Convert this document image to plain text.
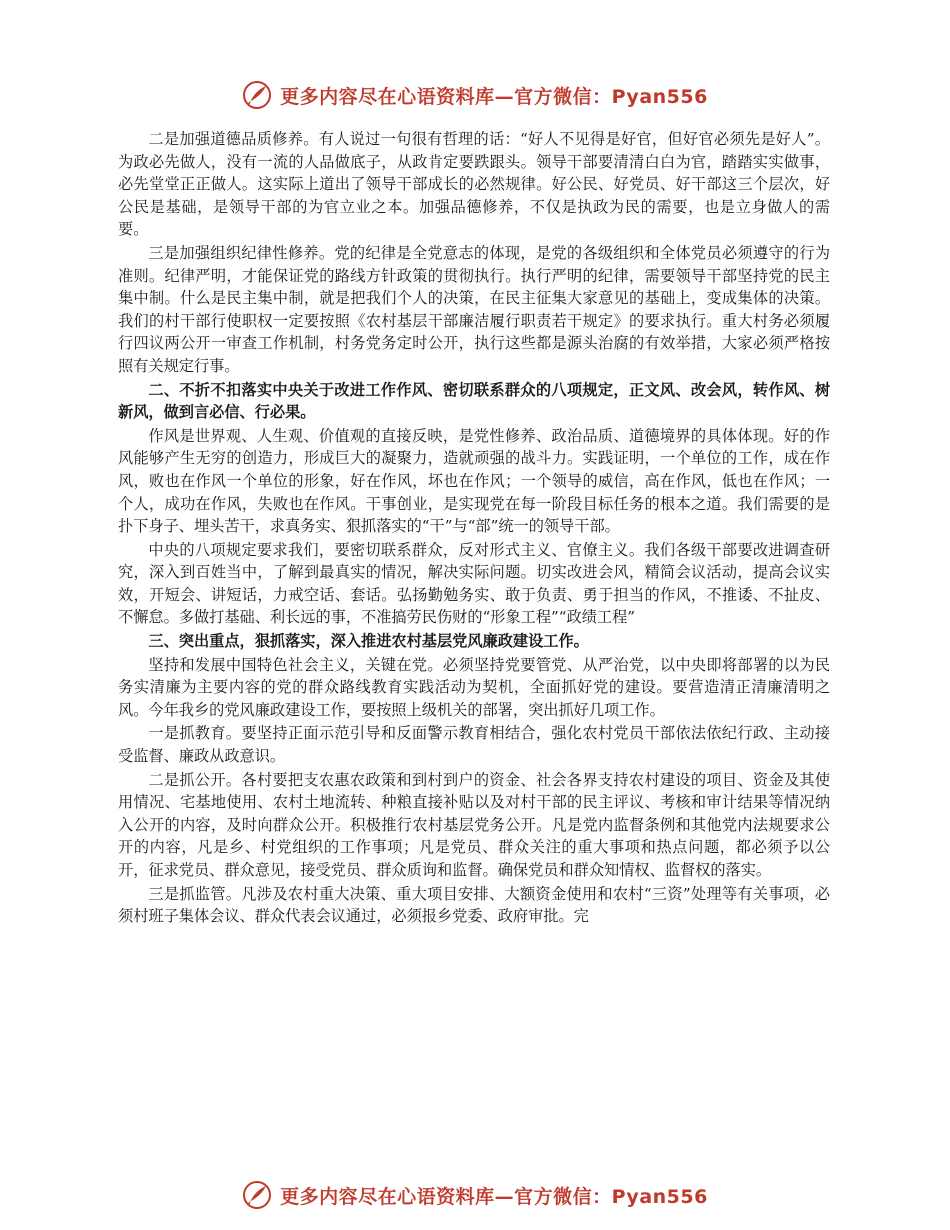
更多内容尽在心语资料库—官方微信：Pyan556

二是加强道德品质修养。有人说过一句很有哲理的话：“好人不见得是好官，但好官必须先是好人”。为政必先做人，没有一流的人品做底子，从政肯定要跌跟头。领导干部要清清白白为官，踏踏实实做事，必先堂堂正正做人。这实际上道出了领导干部成长的必然规律。好公民、好党员、好干部这三个层次，好公民是基础，是领导干部的为官立业之本。加强品德修养，不仅是执政为民的需要，也是立身做人的需要。

三是加强组织纪律性修养。党的纪律是全党意志的体现，是党的各级组织和全体党员必须遵守的行为准则。纪律严明，才能保证党的路线方针政策的贯彻执行。执行严明的纪律，需要领导干部坚持党的民主集中制。什么是民主集中制，就是把我们个人的决策，在民主征集大家意见的基础上，变成集体的决策。我们的村干部行使职权一定要按照《农村基层干部廉洁履行职责若干规定》的要求执行。重大村务必须履行四议两公开一审查工作机制，村务党务定时公开，执行这些都是源头治腐的有效举措，大家必须严格按照有关规定行事。

二、不折不扣落实中央关于改进工作作风、密切联系群众的八项规定，正文风、改会风，转作风、树新风，做到言必信、行必果。

作风是世界观、人生观、价值观的直接反映，是党性修养、政治品质、道德境界的具体体现。好的作风能够产生无穷的创造力，形成巨大的凝聚力，造就顽强的战斗力。实践证明，一个单位的工作，成在作风，败也在作风一个单位的形象，好在作风，坏也在作风；一个领导的威信，高在作风，低也在作风；一个人，成功在作风，失败也在作风。干事创业，是实现党在每一阶段目标任务的根本之道。我们需要的是扑下身子、埋头苦干，求真务实、狠抓落实的“干”与“部”统一的领导干部。

中央的八项规定要求我们，要密切联系群众，反对形式主义、官僚主义。我们各级干部要改进调查研究，深入到百姓当中，了解到最真实的情况，解决实际问题。切实改进会风，精简会议活动，提高会议实效，开短会、讲短话，力戒空话、套话。弘扬勤勉务实、敢于负责、勇于担当的作风，不推诿、不扯皮、不懈怠。多做打基础、利长远的事，不准搞劳民伤财的“形象工程”“政绩工程”

三、突出重点，狠抓落实，深入推进农村基层党风廉政建设工作。

坚持和发展中国特色社会主义，关键在党。必须坚持党要管党、从严治党，以中央即将部署的以为民务实清廉为主要内容的党的群众路线教育实践活动为契机，全面抓好党的建设。要营造清正清廉清明之风。今年我乡的党风廉政建设工作，要按照上级机关的部署，突出抓好几项工作。

一是抓教育。要坚持正面示范引导和反面警示教育相结合，强化农村党员干部依法依纪行政、主动接受监督、廉政从政意识。

二是抓公开。各村要把支农惠农政策和到村到户的资金、社会各界支持农村建设的项目、资金及其使用情况、宅基地使用、农村土地流转、种粮直接补贴以及对村干部的民主评议、考核和审计结果等情况纳入公开的内容，及时向群众公开。积极推行农村基层党务公开。凡是党内监督条例和其他党内法规要求公开的内容，凡是乡、村党组织的工作事项；凡是党员、群众关注的重大事项和热点问题，都必须予以公开，征求党员、群众意见，接受党员、群众质询和监督。确保党员和群众知情权、监督权的落实。

三是抓监管。凡涉及农村重大决策、重大项目安排、大额资金使用和农村“三资”处理等有关事项，必须村班子集体会议、群众代表会议通过，必须报乡党委、政府审批。完

更多内容尽在心语资料库—官方微信：Pyan556
